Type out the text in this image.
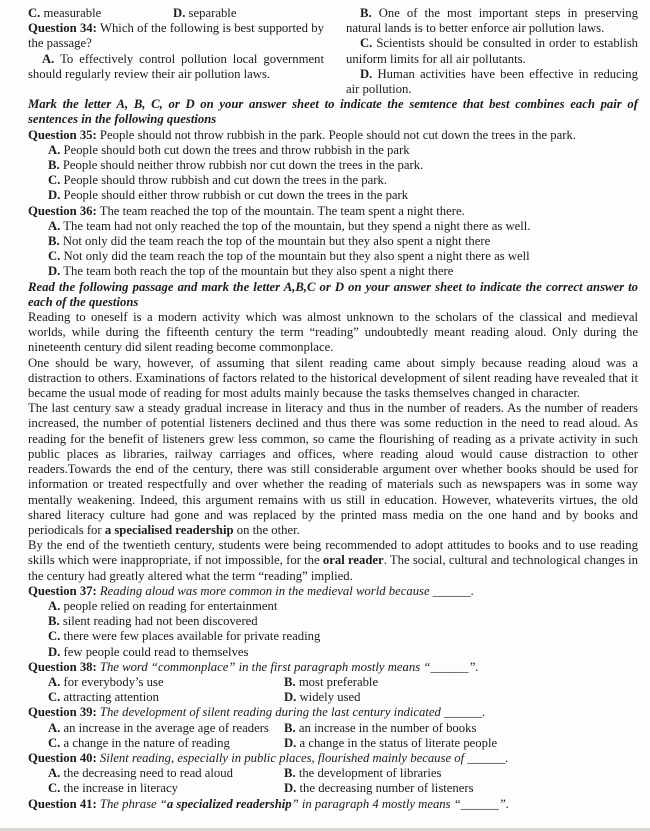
C. measurable	D. separable

Question 34: Which of the following is best supported by the passage?

A. To effectively control pollution local government should regularly review their air pollution laws.

B. One of the most important steps in preserving natural lands is to better enforce air pollution laws.

C. Scientists should be consulted in order to establish uniform limits for all air pollutants.

D. Human activities have been effective in reducing air pollution.

Mark the letter A, B, C, or D on your answer sheet to indicate the semtence that best combines each pair of sentences in the following questions

Question 35: People should not throw rubbish in the park. People should not cut down the trees in the park.

A. People should both cut down the trees and throw rubbish in the park

B. People should neither throw rubbish nor cut down the trees in the park.

C. People should throw rubbish and cut down the trees in the park.

D. People should either throw rubbish or cut down the trees in the park

Question 36: The team reached the top of the mountain. The team spent a night there.

A. The team had not only reached the top of the mountain, but they spend a night there as well.

B. Not only did the team reach the top of the mountain but they also spent a night there

C. Not only did the team reach the top of the mountain but they also spent a night there as well

D. The team both reach the top of the mountain but they also spent a night there

Read the following passage and mark the letter A,B,C or D on your answer sheet to indicate the correct answer to each of the questions

Reading to oneself is a modern activity which was almost unknown to the scholars of the classical and medieval worlds, while during the fifteenth century the term “reading” undoubtedly meant reading aloud. Only during the nineteenth century did silent reading become commonplace.

One should be wary, however, of assuming that silent reading came about simply because reading aloud was a distraction to others. Examinations of factors related to the historical development of silent reading have revealed that it became the usual mode of reading for most adults mainly because the tasks themselves changed in character.

The last century saw a steady gradual increase in literacy and thus in the number of readers. As the number of readers increased, the number of potential listeners declined and thus there was some reduction in the need to read aloud. As reading for the benefit of listeners grew less common, so came the flourishing of reading as a private activity in such public places as libraries, railway carriages and offices, where reading aloud would cause distraction to other readers.Towards the end of the century, there was still considerable argument over whether books should be used for information or treated respectfully and over whether the reading of materials such as newspapers was in some way mentally weakening. Indeed, this argument remains with us still in education. However, whateverits virtues, the old shared literacy culture had gone and was replaced by the printed mass media on the one hand and by books and periodicals for a specialised readership on the other.

By the end of the twentieth century, students were being recommended to adopt attitudes to books and to use reading skills which were inappropriate, if not impossible, for the oral reader. The social, cultural and technological changes in the century had greatly altered what the term “reading” implied.

Question 37: Reading aloud was more common in the medieval world because ______.

A. people relied on reading for entertainment

B. silent reading had not been discovered

C. there were few places available for private reading

D. few people could read to themselves

Question 38: The word “commonplace” in the first paragraph mostly means “______”.

A. for everybody’s use	B. most preferable

C. attracting attention	D. widely used

Question 39: The development of silent reading during the last century indicated ______.

A. an increase in the average age of readers	B. an increase in the number of books

C. a change in the nature of reading	D. a change in the status of literate people

Question 40: Silent reading, especially in public places, flourished mainly because of ______.

A. the decreasing need to read aloud	B. the development of libraries

C. the increase in literacy	D. the decreasing number of listeners

Question 41: The phrase “a specialized readership” in paragraph 4 mostly means “______”.
